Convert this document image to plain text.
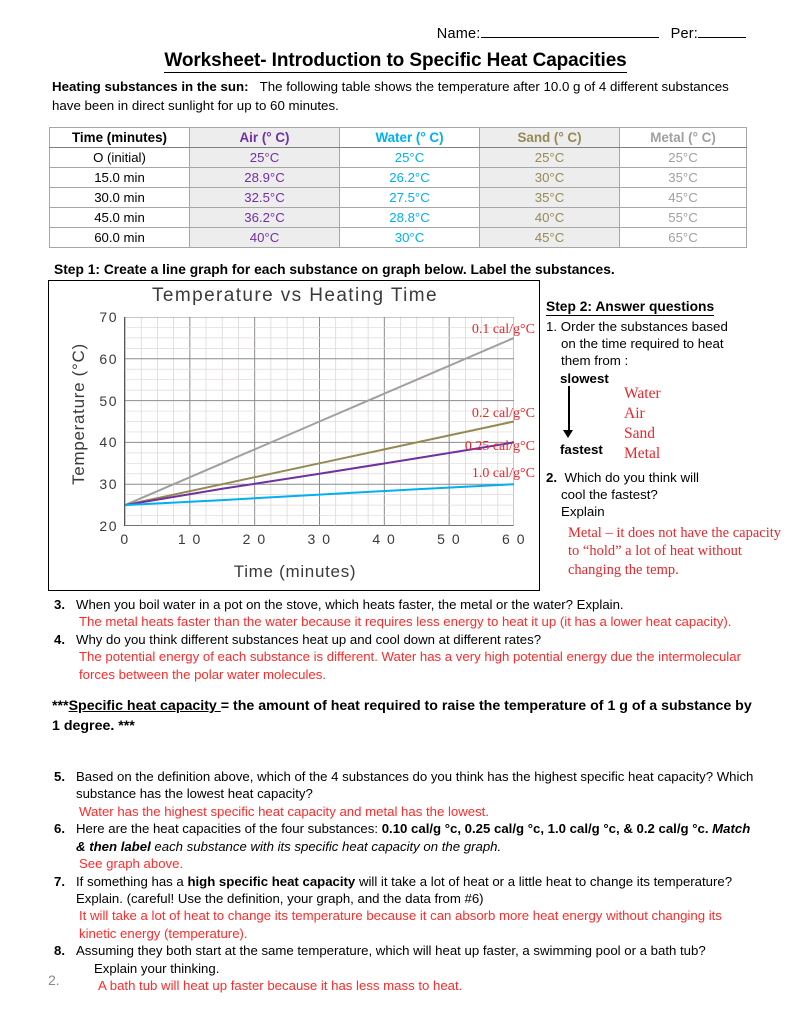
Name:	Per:
Worksheet- Introduction to Specific Heat Capacities
Heating substances in the sun: The following table shows the temperature after 10.0 g of 4 different substances have been in direct sunlight for up to 60 minutes.
Time (minutes)	Air (° C)	Water (° C)	Sand (° C)	Metal (° C)
O (initial)	25°C	25°C	25°C	25°C
15.0 min	28.9°C	26.2°C	30°C	35°C
30.0 min	32.5°C	27.5°C	35°C	45°C
45.0 min	36.2°C	28.8°C	40°C	55°C
60.0 min	40°C	30°C	45°C	65°C
Step 1: Create a line graph for each substance on graph below. Label the substances.
Temperature vs Heating Time
Temperature (°C)
Time (minutes)
20
30
40
50
60
70
0	1 0	2 0	3 0	4 0	5 0	6 0
0.1 cal/g°C
0.2 cal/g°C
0.25 cal/g°C
1.0 cal/g°C
Step 2: Answer questions
1. Order the substances based
on the time required to heat
them from :
slowest
Water
Air
Sand
Metal
fastest
2. Which do you think will
cool the fastest?
Explain
Metal – it does not have the capacity to “hold” a lot of heat without changing the temp.
3. When you boil water in a pot on the stove, which heats faster, the metal or the water? Explain.
The metal heats faster than the water because it requires less energy to heat it up (it has a lower heat capacity).
4. Why do you think different substances heat up and cool down at different rates?
The potential energy of each substance is different. Water has a very high potential energy due the intermolecular forces between the polar water molecules.
***Specific heat capacity = the amount of heat required to raise the temperature of 1 g of a substance by 1 degree. ***
5. Based on the definition above, which of the 4 substances do you think has the highest specific heat capacity? Which substance has the lowest heat capacity?
Water has the highest specific heat capacity and metal has the lowest.
6. Here are the heat capacities of the four substances: 0.10 cal/g °c, 0.25 cal/g °c, 1.0 cal/g °c, & 0.2 cal/g °c. Match & then label each substance with its specific heat capacity on the graph.
See graph above.
7. If something has a high specific heat capacity will it take a lot of heat or a little heat to change its temperature? Explain. (careful! Use the definition, your graph, and the data from #6)
It will take a lot of heat to change its temperature because it can absorb more heat energy without changing its kinetic energy (temperature).
8. Assuming they both start at the same temperature, which will heat up faster, a swimming pool or a bath tub?
Explain your thinking.
A bath tub will heat up faster because it has less mass to heat.
2.
